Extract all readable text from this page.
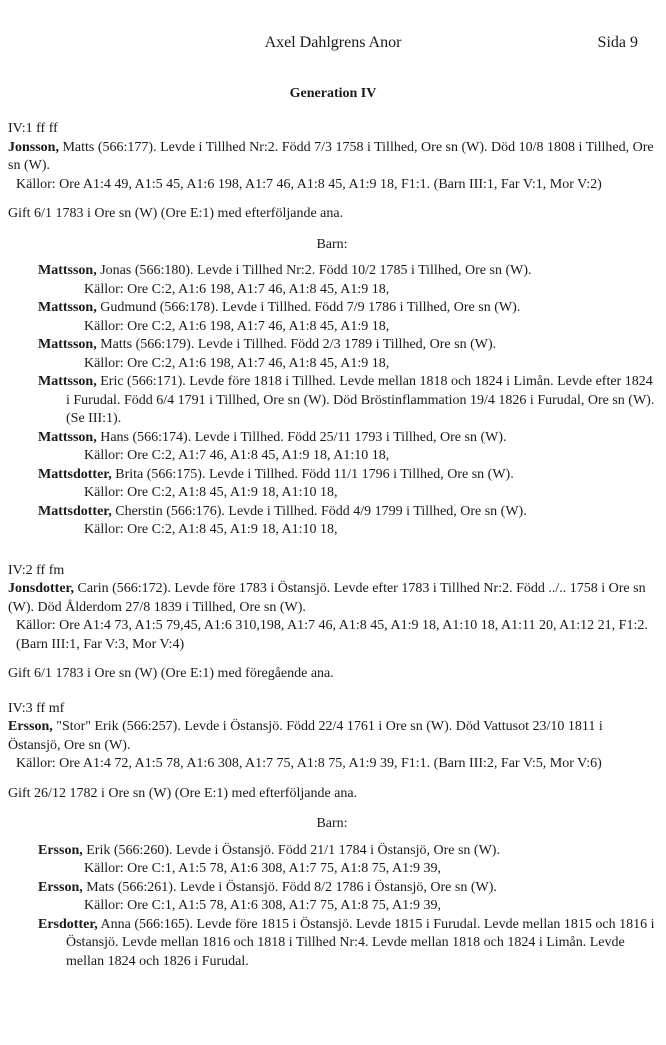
Axel Dahlgrens Anor	Sida 9
Generation IV

IV:1 ff ff

Jonsson, Matts (566:177). Levde i Tillhed Nr:2. Född 7/3 1758 i Tillhed, Ore sn (W). Död 10/8 1808 i Tillhed, Ore sn (W).

Källor: Ore A1:4 49, A1:5 45, A1:6 198, A1:7 46, A1:8 45, A1:9 18, F1:1. (Barn III:1, Far V:1, Mor V:2)

Gift 6/1 1783 i Ore sn (W) (Ore E:1) med efterföljande ana.

Barn:

Mattsson, Jonas (566:180). Levde i Tillhed Nr:2. Född 10/2 1785 i Tillhed, Ore sn (W).
Källor: Ore C:2, A1:6 198, A1:7 46, A1:8 45, A1:9 18,

Mattsson, Gudmund (566:178). Levde i Tillhed. Född 7/9 1786 i Tillhed, Ore sn (W).
Källor: Ore C:2, A1:6 198, A1:7 46, A1:8 45, A1:9 18,

Mattsson, Matts (566:179). Levde i Tillhed. Född 2/3 1789 i Tillhed, Ore sn (W).
Källor: Ore C:2, A1:6 198, A1:7 46, A1:8 45, A1:9 18,

Mattsson, Eric (566:171). Levde före 1818 i Tillhed. Levde mellan 1818 och 1824 i Limån. Levde efter 1824 i Furudal. Född 6/4 1791 i Tillhed, Ore sn (W). Död Bröstinflammation 19/4 1826 i Furudal, Ore sn (W). (Se III:1).

Mattsson, Hans (566:174). Levde i Tillhed. Född 25/11 1793 i Tillhed, Ore sn (W).
Källor: Ore C:2, A1:7 46, A1:8 45, A1:9 18, A1:10 18,

Mattsdotter, Brita (566:175). Levde i Tillhed. Född 11/1 1796 i Tillhed, Ore sn (W).
Källor: Ore C:2, A1:8 45, A1:9 18, A1:10 18,

Mattsdotter, Cherstin (566:176). Levde i Tillhed. Född 4/9 1799 i Tillhed, Ore sn (W).
Källor: Ore C:2, A1:8 45, A1:9 18, A1:10 18,

IV:2 ff fm

Jonsdotter, Carin (566:172). Levde före 1783 i Östansjö. Levde efter 1783 i Tillhed Nr:2. Född ../.. 1758 i Ore sn (W). Död Ålderdom 27/8 1839 i Tillhed, Ore sn (W).

Källor: Ore A1:4 73, A1:5 79,45, A1:6 310,198, A1:7 46, A1:8 45, A1:9 18, A1:10 18, A1:11 20, A1:12 21, F1:2. (Barn III:1, Far V:3, Mor V:4)

Gift 6/1 1783 i Ore sn (W) (Ore E:1) med föregående ana.

IV:3 ff mf

Ersson, "Stor" Erik (566:257). Levde i Östansjö. Född 22/4 1761 i Ore sn (W). Död Vattusot 23/10 1811 i Östansjö, Ore sn (W).

Källor: Ore A1:4 72, A1:5 78, A1:6 308, A1:7 75, A1:8 75, A1:9 39, F1:1. (Barn III:2, Far V:5, Mor V:6)

Gift 26/12 1782 i Ore sn (W) (Ore E:1) med efterföljande ana.

Barn:

Ersson, Erik (566:260). Levde i Östansjö. Född 21/1 1784 i Östansjö, Ore sn (W).
Källor: Ore C:1, A1:5 78, A1:6 308, A1:7 75, A1:8 75, A1:9 39,

Ersson, Mats (566:261). Levde i Östansjö. Född 8/2 1786 i Östansjö, Ore sn (W).
Källor: Ore C:1, A1:5 78, A1:6 308, A1:7 75, A1:8 75, A1:9 39,

Ersdotter, Anna (566:165). Levde före 1815 i Östansjö. Levde 1815 i Furudal. Levde mellan 1815 och 1816 i Östansjö. Levde mellan 1816 och 1818 i Tillhed Nr:4. Levde mellan 1818 och 1824 i Limån. Levde mellan 1824 och 1826 i Furudal.
